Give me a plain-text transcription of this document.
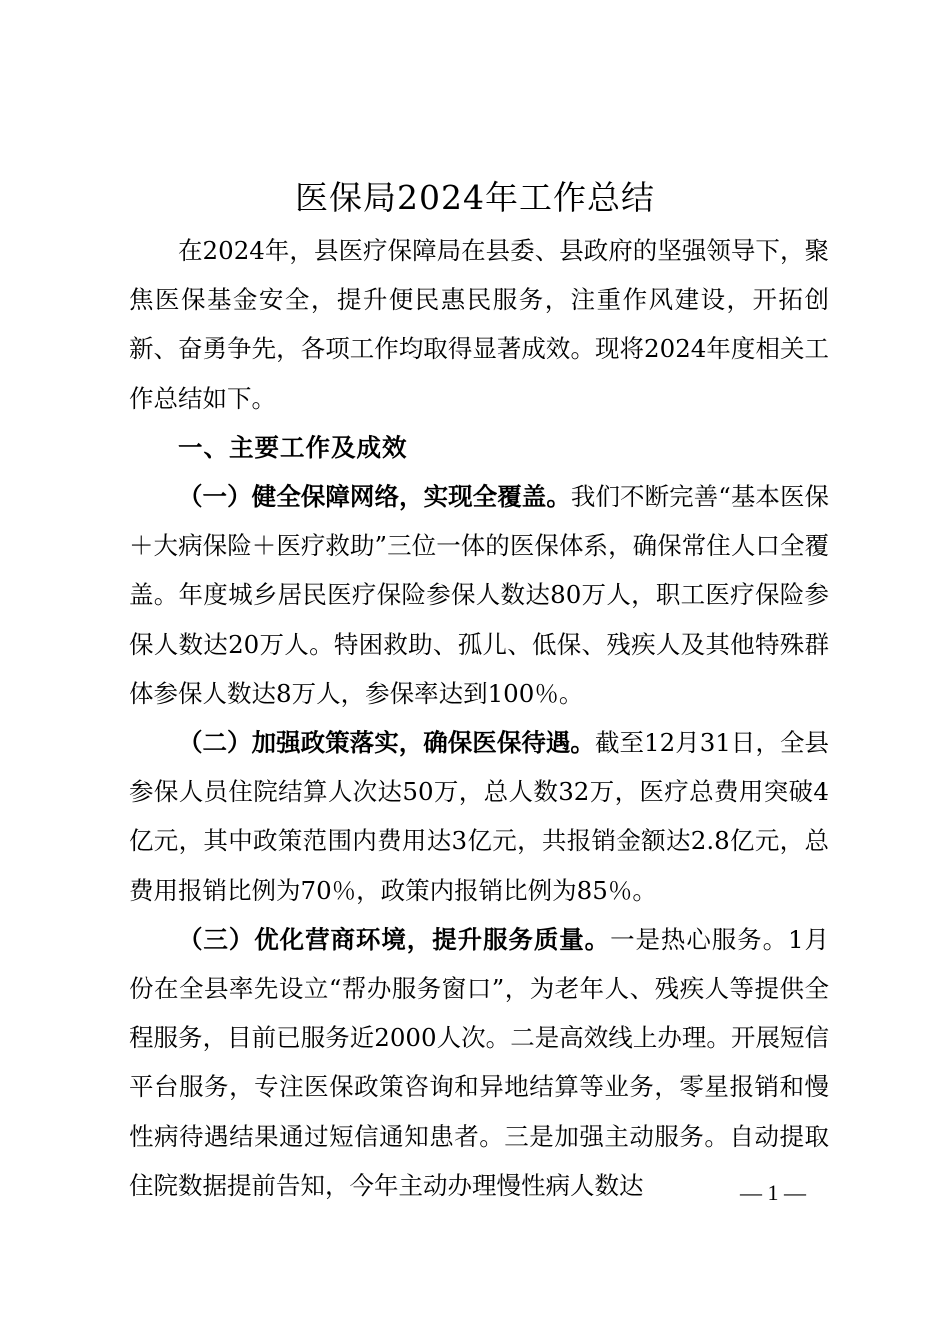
医保局2024年工作总结

在2024年，县医疗保障局在县委、县政府的坚强领导下，聚焦医保基金安全，提升便民惠民服务，注重作风建设，开拓创新、奋勇争先，各项工作均取得显著成效。现将2024年度相关工作总结如下。

一、主要工作及成效

（一）健全保障网络，实现全覆盖。我们不断完善“基本医保＋大病保险＋医疗救助”三位一体的医保体系，确保常住人口全覆盖。年度城乡居民医疗保险参保人数达80万人，职工医疗保险参保人数达20万人。特困救助、孤儿、低保、残疾人及其他特殊群体参保人数达8万人，参保率达到100％。

（二）加强政策落实，确保医保待遇。截至12月31日，全县参保人员住院结算人次达50万，总人数32万，医疗总费用突破4亿元，其中政策范围内费用达3亿元，共报销金额达2.8亿元，总费用报销比例为70％，政策内报销比例为85％。

（三）优化营商环境，提升服务质量。一是热心服务。1月份在全县率先设立“帮办服务窗口”，为老年人、残疾人等提供全程服务，目前已服务近2000人次。二是高效线上办理。开展短信平台服务，专注医保政策咨询和异地结算等业务，零星报销和慢性病待遇结果通过短信通知患者。三是加强主动服务。自动提取住院数据提前告知，今年主动办理慢性病人数达	— 1 —
